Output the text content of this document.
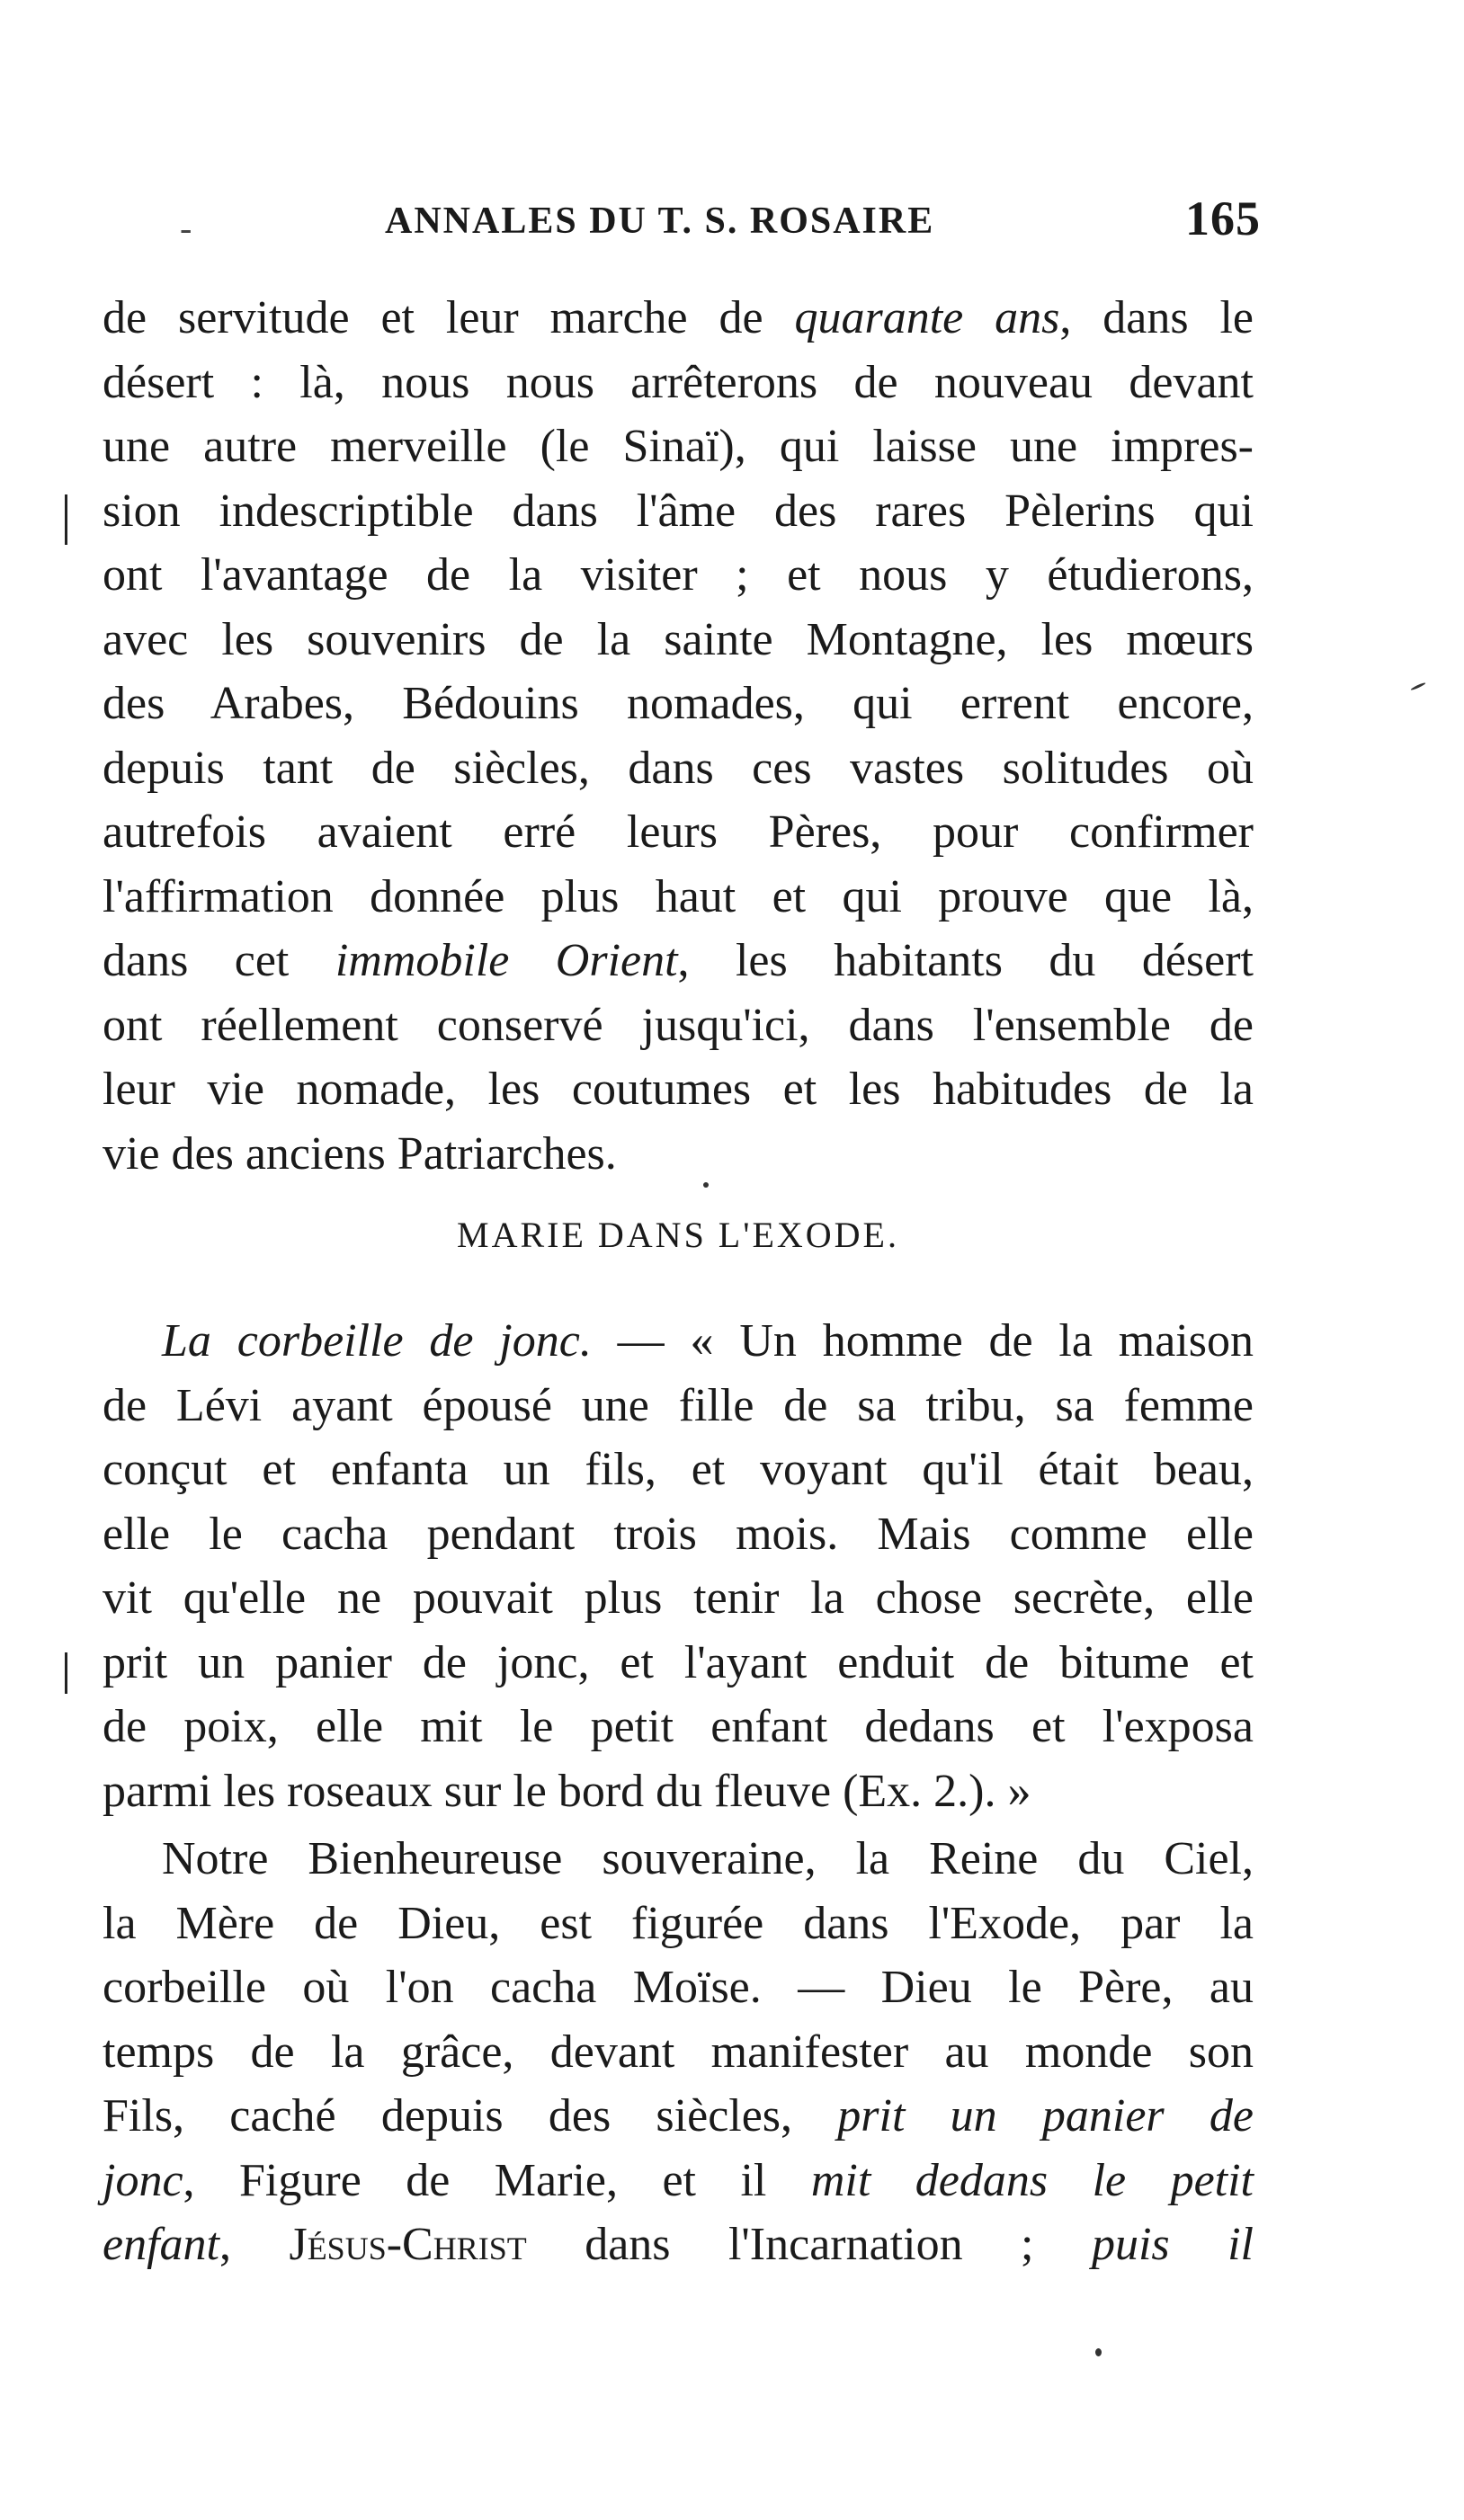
-	ANNALES DU T. S. ROSAIRE	165
de servitude et leur marche de quarante ans, dans le
désert : là, nous nous arrêterons de nouveau devant
une autre merveille (le Sinaï), qui laisse une impres-
sion indescriptible dans l'âme des rares Pèlerins qui
ont l'avantage de la visiter ; et nous y étudierons,
avec les souvenirs de la sainte Montagne, les mœurs
des Arabes, Bédouins nomades, qui errent encore,
depuis tant de siècles, dans ces vastes solitudes où
autrefois avaient erré leurs Pères, pour confirmer
l'affirmation donnée plus haut et qui prouve que là,
dans cet immobile Orient, les habitants du désert
ont réellement conservé jusqu'ici, dans l'ensemble de
leur vie nomade, les coutumes et les habitudes de la
vie des anciens Patriarches.
MARIE DANS L'EXODE.
La corbeille de jonc. — « Un homme de la maison
de Lévi ayant épousé une fille de sa tribu, sa femme
conçut et enfanta un fils, et voyant qu'il était beau,
elle le cacha pendant trois mois. Mais comme elle
vit qu'elle ne pouvait plus tenir la chose secrète, elle
prit un panier de jonc, et l'ayant enduit de bitume et
de poix, elle mit le petit enfant dedans et l'exposa
parmi les roseaux sur le bord du fleuve (Ex. 2.). »
Notre Bienheureuse souveraine, la Reine du Ciel,
la Mère de Dieu, est figurée dans l'Exode, par la
corbeille où l'on cacha Moïse. — Dieu le Père, au
temps de la grâce, devant manifester au monde son
Fils, caché depuis des siècles, prit un panier de
jonc, Figure de Marie, et il mit dedans le petit
enfant, Jésus-Christ dans l'Incarnation ; puis il
